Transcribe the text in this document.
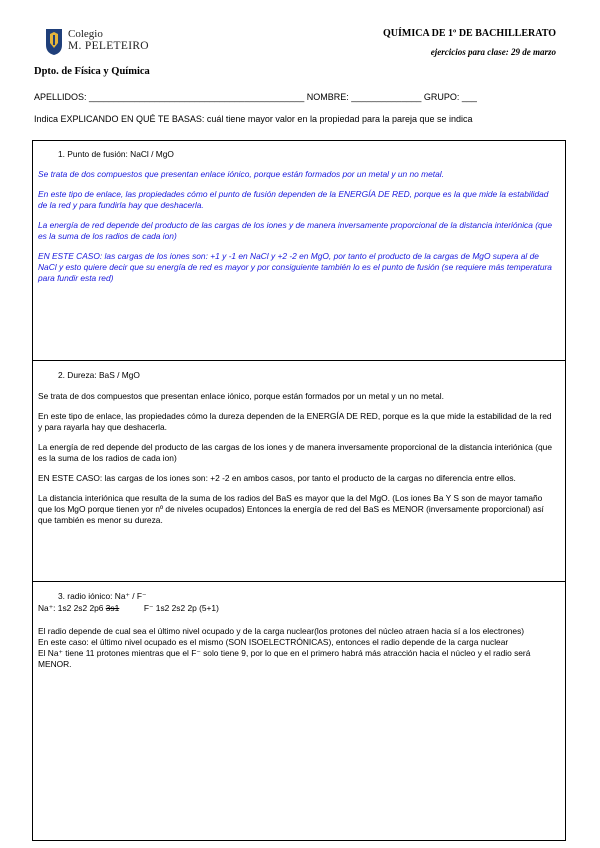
Colegio
M. PELETEIRO
QUÍMICA DE 1º DE BACHILLERATO
ejercicios para clase: 29 de marzo
Dpto. de Física y Química
APELLIDOS: ___________________________________________ NOMBRE: ______________ GRUPO: ___
Indica EXPLICANDO EN QUÉ TE BASAS: cuál tiene mayor valor en la propiedad para la pareja que se indica
1. Punto de fusión: NaCl / MgO

Se trata de dos compuestos que presentan enlace iónico, porque están formados por un metal y un no metal.

En este tipo de enlace, las propiedades cómo el punto de fusión dependen de la ENERGÍA DE RED, porque es la que mide la estabilidad de la red y para fundirla hay que deshacerla.

La energía de red depende del producto de las cargas de los iones y de manera inversamente proporcional de la distancia interiónica (que es la suma de los radios de cada ion)

EN ESTE CASO: las cargas de los iones son: +1 y -1 en NaCl y +2 -2 en MgO, por tanto el producto de la cargas de MgO supera al de NaCl y esto quiere decir que su energía de red es mayor y por consiguiente también lo es el punto de fusión (se requiere más temperatura para fundir esta red)

2. Dureza: BaS / MgO

Se trata de dos compuestos que presentan enlace iónico, porque están formados por un metal y un no metal.

En este tipo de enlace, las propiedades cómo la dureza dependen de la ENERGÍA DE RED, porque es la que mide la estabilidad de la red y para rayarla hay que deshacerla.

La energía de red depende del producto de las cargas de los iones y de manera inversamente proporcional de la distancia interiónica (que es la suma de los radios de cada ion)

EN ESTE CASO: las cargas de los iones son: +2 -2 en ambos casos, por tanto el producto de la cargas no diferencia entre ellos.

La distancia interiónica que resulta de la suma de los radios del BaS es mayor que la del MgO. (Los iones Ba Y S son de mayor tamaño que los MgO porque tienen yor nº de niveles ocupados) Entonces la energía de red del BaS es MENOR (inversamente proporcional) así que también es menor su dureza.

3. radio iónico: Na⁺ / F⁻
Na⁺: 1s2 2s2 2p6 3s1	F⁻ 1s2 2s2 2p (5+1)

El radio depende de cual sea el último nivel ocupado y de la carga nuclear(los protones del núcleo atraen hacia sí a los electrones)

En este caso: el último nivel ocupado es el mismo (SON ISOELECTRÓNICAS), entonces el radio depende de la carga nuclear

El Na⁺ tiene 11 protones mientras que el F⁻ solo tiene 9, por lo que en el primero habrá más atracción hacia el núcleo y el radio será MENOR.
